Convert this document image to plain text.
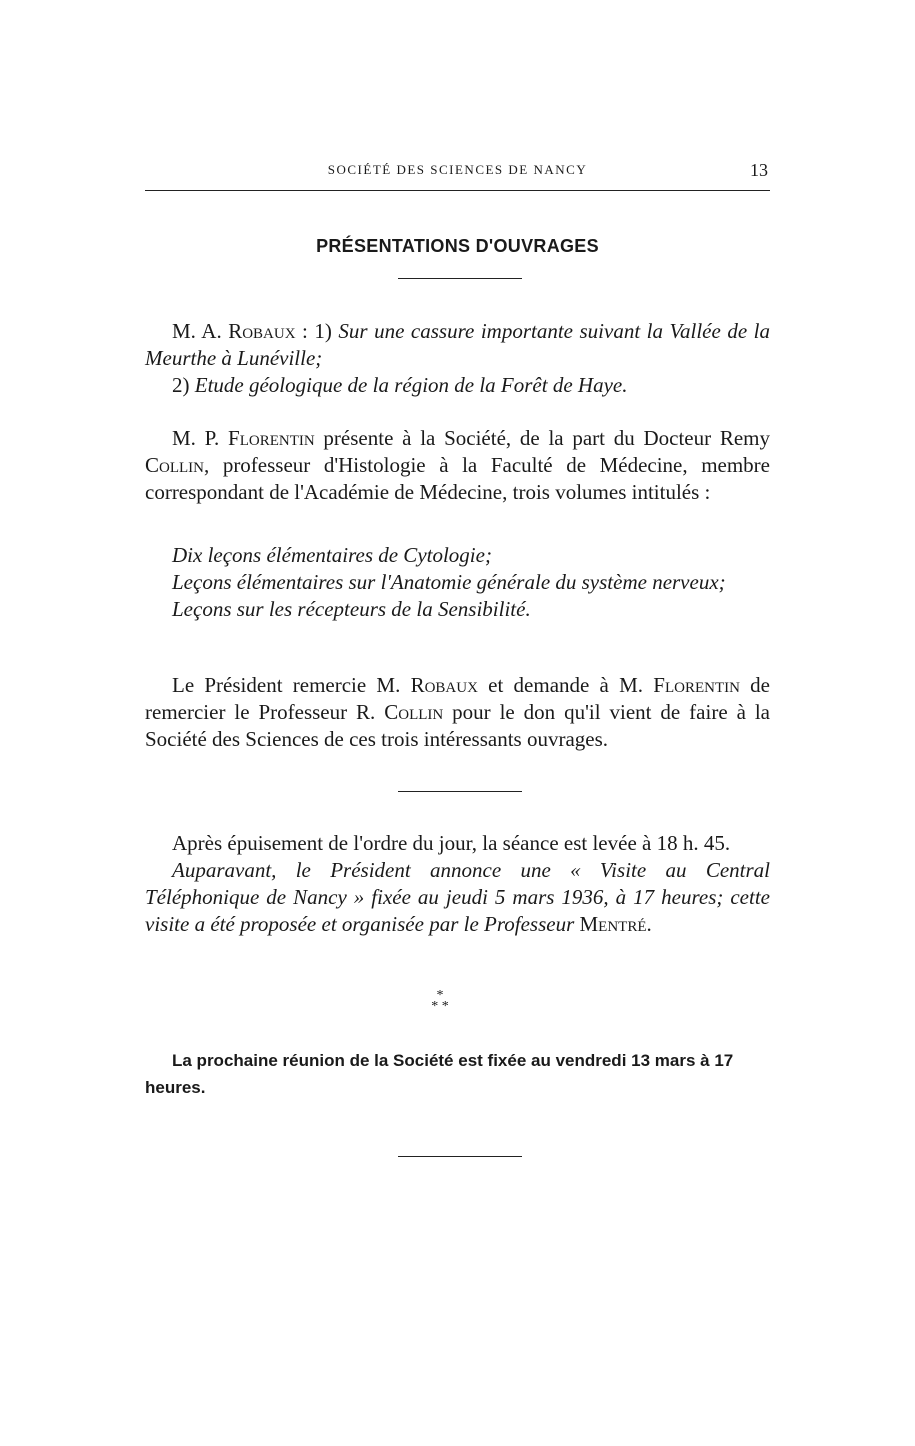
SOCIÉTÉ DES SCIENCES DE NANCY	13
PRÉSENTATIONS D'OUVRAGES

M. A. Robaux : 1) Sur une cassure importante suivant la Vallée de la Meurthe à Lunéville;

2) Etude géologique de la région de la Forêt de Haye.

M. P. Florentin présente à la Société, de la part du Docteur Remy Collin, professeur d'Histologie à la Faculté de Médecine, membre correspondant de l'Académie de Médecine, trois volumes intitulés :

Dix leçons élémentaires de Cytologie;

Leçons élémentaires sur l'Anatomie générale du système nerveux;

Leçons sur les récepteurs de la Sensibilité.

Le Président remercie M. Robaux et demande à M. Florentin de remercier le Professeur R. Collin pour le don qu'il vient de faire à la Société des Sciences de ces trois intéressants ouvrages.

Après épuisement de l'ordre du jour, la séance est levée à 18 h. 45.

Auparavant, le Président annonce une « Visite au Central Téléphonique de Nancy » fixée au jeudi 5 mars 1936, à 17 heures; cette visite a été proposée et organisée par le Professeur Mentré.

*
* *

La prochaine réunion de la Société est fixée au vendredi 13 mars à 17 heures.
